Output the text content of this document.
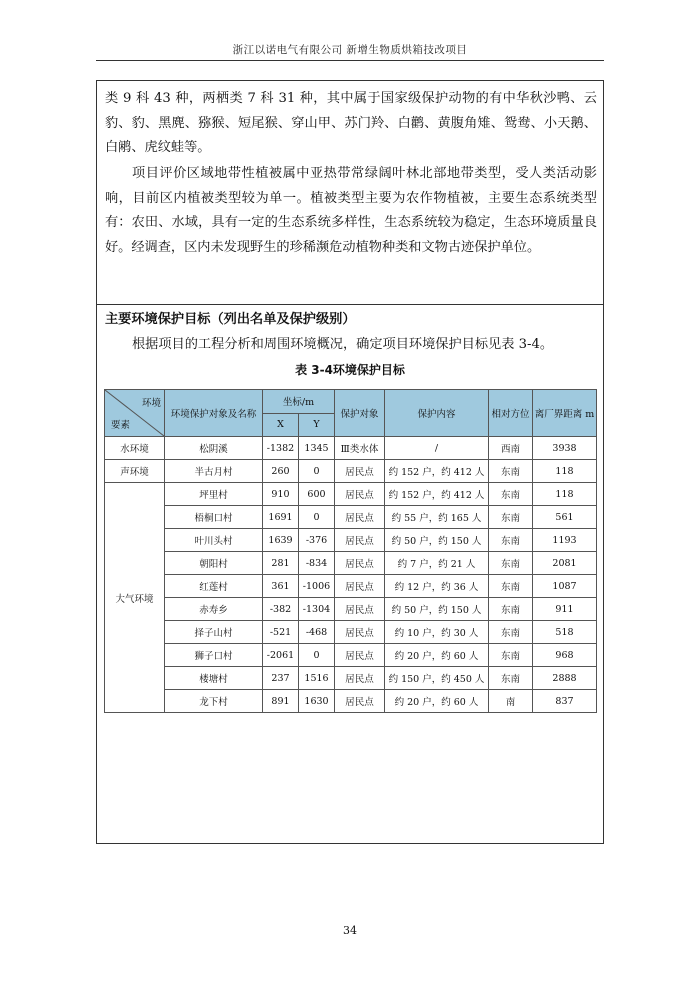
浙江以诺电气有限公司 新增生物质烘箱技改项目

类 9 科 43 种，两栖类 7 科 31 种，其中属于国家级保护动物的有中华秋沙鸭、云豹、豹、黑麂、猕猴、短尾猴、穿山甲、苏门羚、白鹳、黄腹角雉、鸳鸯、小天鹅、白鹇、虎纹蛙等。

项目评价区域地带性植被属中亚热带常绿阔叶林北部地带类型，受人类活动影响，目前区内植被类型较为单一。植被类型主要为农作物植被，主要生态系统类型有：农田、水域，具有一定的生态系统多样性，生态系统较为稳定，生态环境质量良好。经调查，区内未发现野生的珍稀濒危动植物种类和文物古迹保护单位。

主要环境保护目标（列出名单及保护级别）
根据项目的工程分析和周围环境概况，确定项目环境保护目标见表 3-4。
表 3-4环境保护目标
环境
要素	环境保护对象及名称	坐标/m		保护对象	保护内容	相对方位	离厂界距离 m
		X	Y				
水环境	松阴溪	-1382	1345	Ⅲ类水体	/	西南	3938
声环境	半古月村	260	0	居民点	约 152 户，约 412 人	东南	118
大气环境	坪里村	910	600	居民点	约 152 户，约 412 人	东南	118
	梧桐口村	1691	0	居民点	约 55 户，约 165 人	东南	561
	叶川头村	1639	-376	居民点	约 50 户，约 150 人	东南	1193
	朝阳村	281	-834	居民点	约 7 户，约 21 人	东南	2081
	红莲村	361	-1006	居民点	约 12 户，约 36 人	东南	1087
	赤寿乡	-382	-1304	居民点	约 50 户，约 150 人	东南	911
	择子山村	-521	-468	居民点	约 10 户，约 30 人	东南	518
	狮子口村	-2061	0	居民点	约 20 户，约 60 人	东南	968
	楼塘村	237	1516	居民点	约 150 户，约 450 人	东南	2888
	龙下村	891	1630	居民点	约 20 户，约 60 人	南	837
34
